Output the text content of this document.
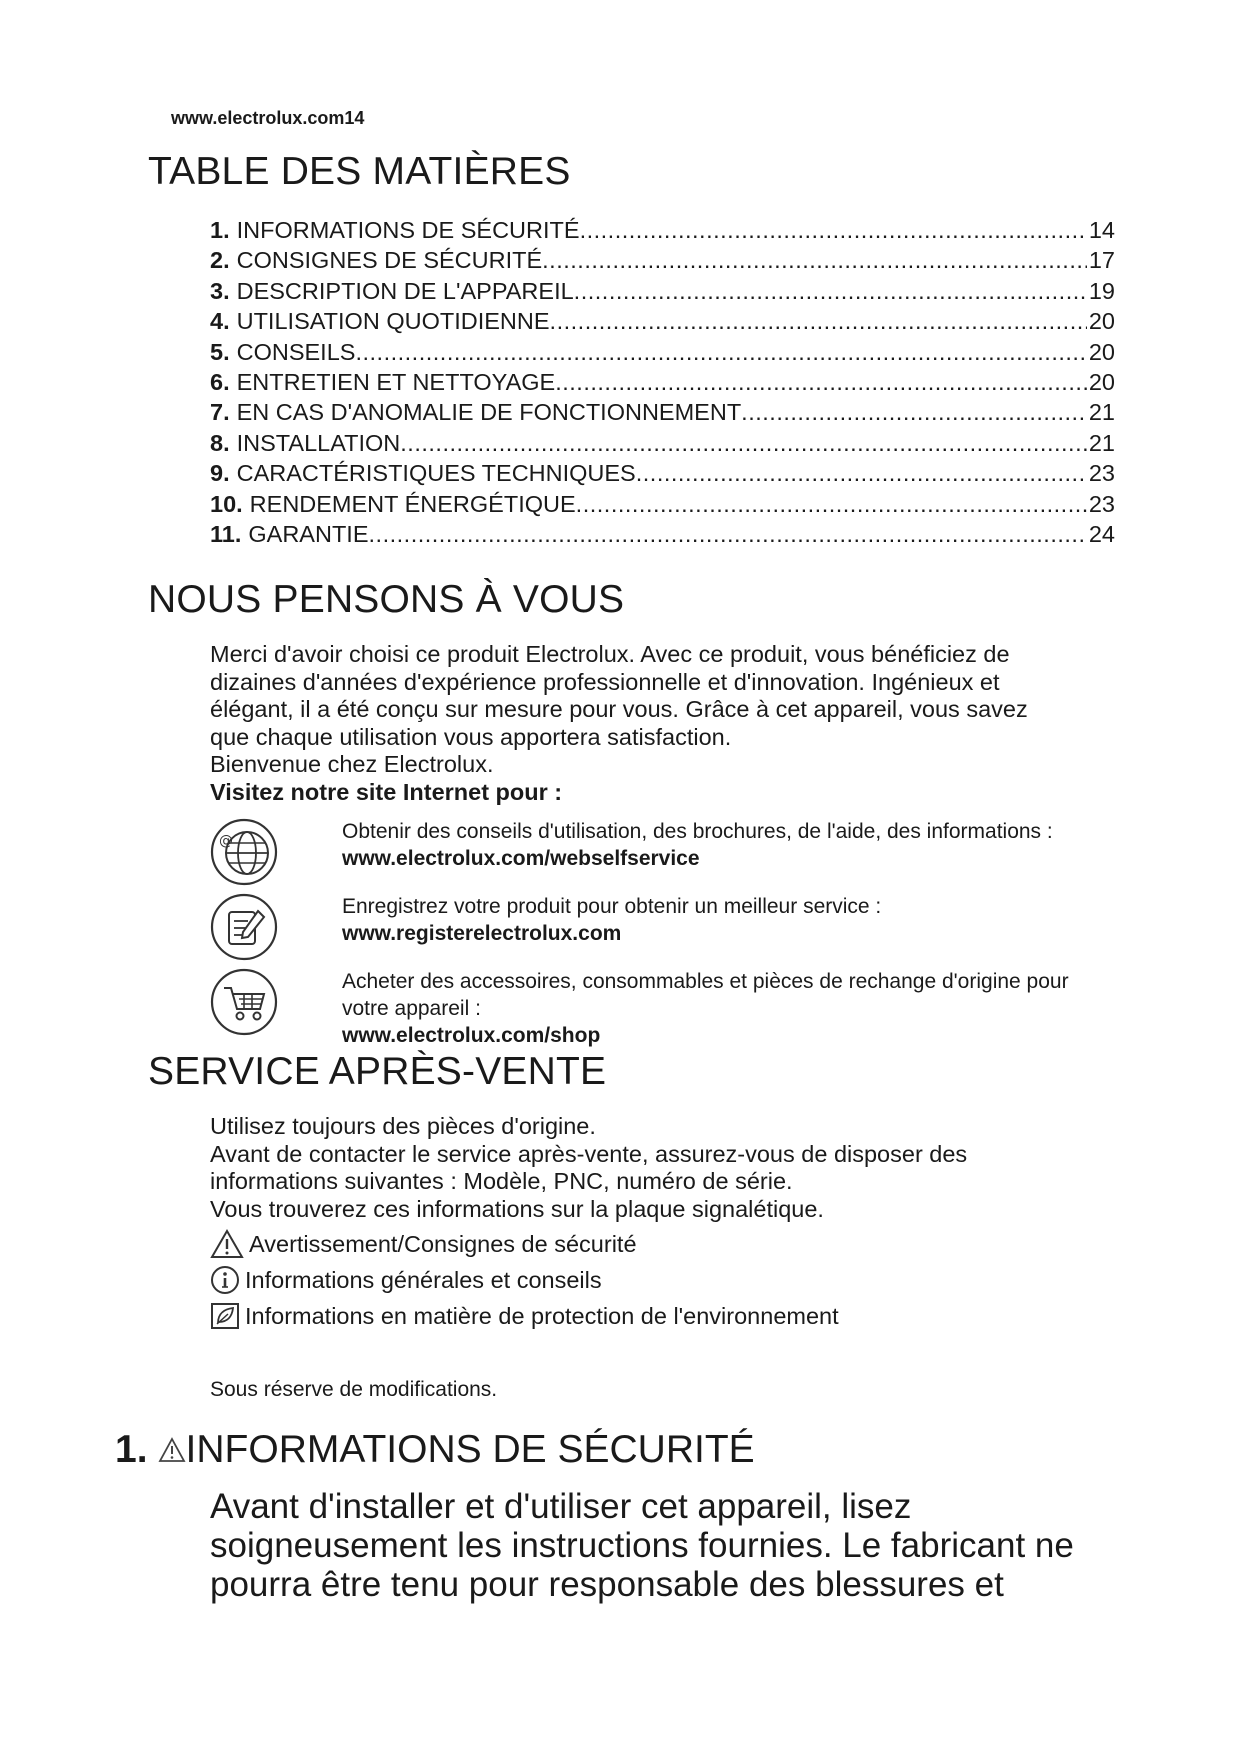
www.electrolux.com14
TABLE DES MATIÈRES
1. INFORMATIONS DE SÉCURITÉ .....	14
2. CONSIGNES DE SÉCURITÉ .....	17
3. DESCRIPTION DE L'APPAREIL .....	19
4. UTILISATION QUOTIDIENNE .....	20
5. CONSEILS .....	20
6. ENTRETIEN ET NETTOYAGE .....	20
7. EN CAS D'ANOMALIE DE FONCTIONNEMENT .....	21
8. INSTALLATION .....	21
9. CARACTÉRISTIQUES TECHNIQUES .....	23
10. RENDEMENT ÉNERGÉTIQUE .....	23
11. GARANTIE .....	24
NOUS PENSONS À VOUS

Merci d'avoir choisi ce produit Electrolux. Avec ce produit, vous bénéficiez de

dizaines d'années d'expérience professionnelle et d'innovation. Ingénieux et

élégant, il a été conçu sur mesure pour vous. Grâce à cet appareil, vous savez

que chaque utilisation vous apportera satisfaction.

Bienvenue chez Electrolux.

Visitez notre site Internet pour :

@	Obtenir des conseils d'utilisation, des brochures, de l'aide, des informations :

www.electrolux.com/webselfservice

Enregistrez votre produit pour obtenir un meilleur service :

www.registerelectrolux.com

Acheter des accessoires, consommables et pièces de rechange d'origine pour

votre appareil :

www.electrolux.com/shop

SERVICE APRÈS-VENTE

Utilisez toujours des pièces d'origine.

Avant de contacter le service après-vente, assurez-vous de disposer des

informations suivantes : Modèle, PNC, numéro de série.

Vous trouverez ces informations sur la plaque signalétique.

Avertissement/Consignes de sécurité
Informations générales et conseils
Informations en matière de protection de l'environnement
Sous réserve de modifications.
1. INFORMATIONS DE SÉCURITÉ

Avant d'installer et d'utiliser cet appareil, lisez

soigneusement les instructions fournies. Le fabricant ne

pourra être tenu pour responsable des blessures et
